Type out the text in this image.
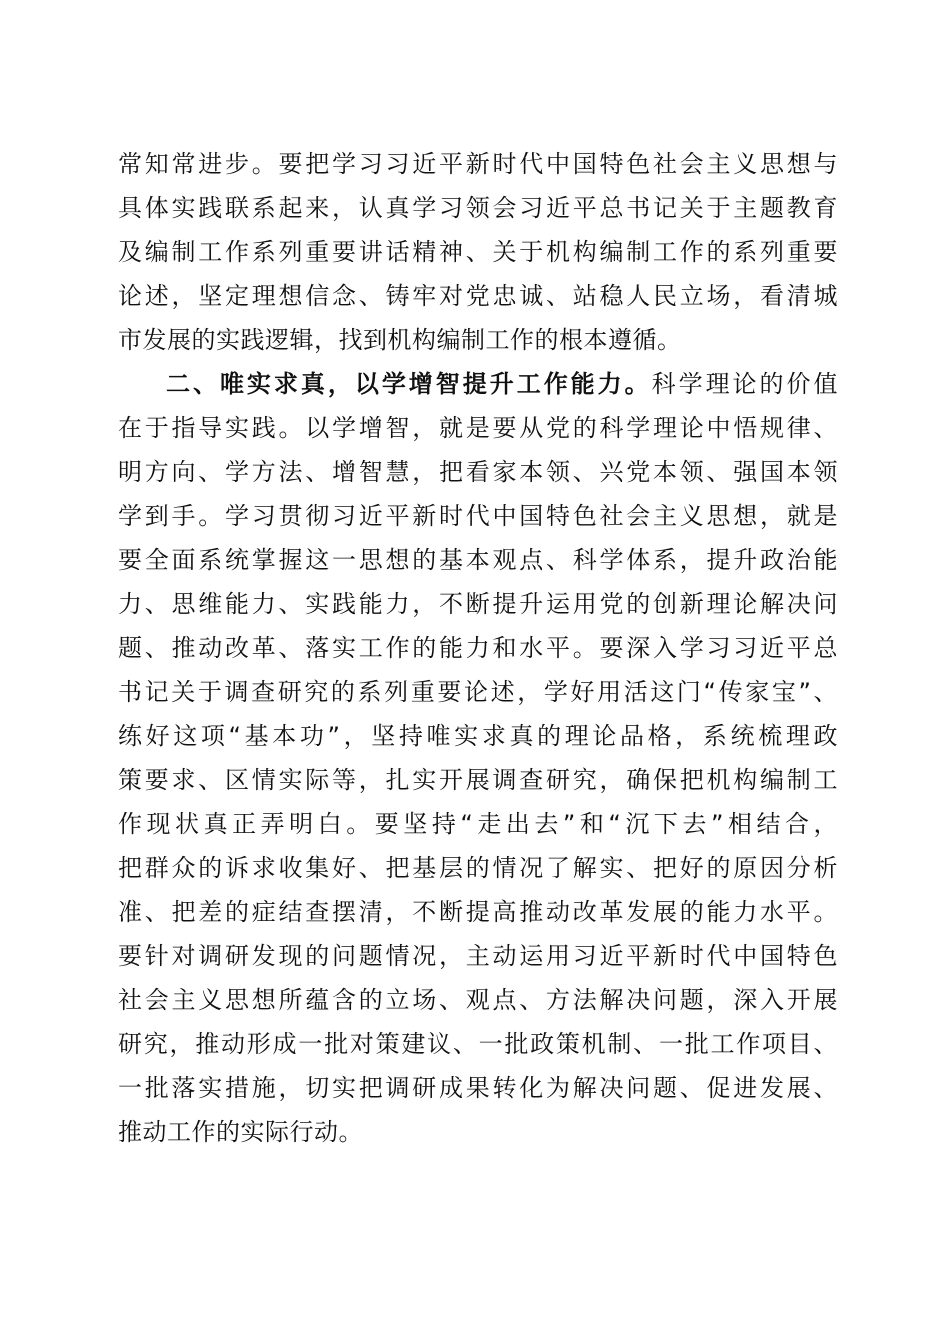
常知常进步。要把学习习近平新时代中国特色社会主义思想与
具体实践联系起来，认真学习领会习近平总书记关于主题教育
及编制工作系列重要讲话精神、关于机构编制工作的系列重要
论述，坚定理想信念、铸牢对党忠诚、站稳人民立场，看清城
市发展的实践逻辑，找到机构编制工作的根本遵循。
二、唯实求真，以学增智提升工作能力。科学理论的价值
在于指导实践。以学增智，就是要从党的科学理论中悟规律、
明方向、学方法、增智慧，把看家本领、兴党本领、强国本领
学到手。学习贯彻习近平新时代中国特色社会主义思想，就是
要全面系统掌握这一思想的基本观点、科学体系，提升政治能
力、思维能力、实践能力，不断提升运用党的创新理论解决问
题、推动改革、落实工作的能力和水平。要深入学习习近平总
书记关于调查研究的系列重要论述，学好用活这门“传家宝”、
练好这项“基本功”，坚持唯实求真的理论品格，系统梳理政
策要求、区情实际等，扎实开展调查研究，确保把机构编制工
作现状真正弄明白。要坚持“走出去”和“沉下去”相结合，
把群众的诉求收集好、把基层的情况了解实、把好的原因分析
准、把差的症结查摆清，不断提高推动改革发展的能力水平。
要针对调研发现的问题情况，主动运用习近平新时代中国特色
社会主义思想所蕴含的立场、观点、方法解决问题，深入开展
研究，推动形成一批对策建议、一批政策机制、一批工作项目、
一批落实措施，切实把调研成果转化为解决问题、促进发展、
推动工作的实际行动。
